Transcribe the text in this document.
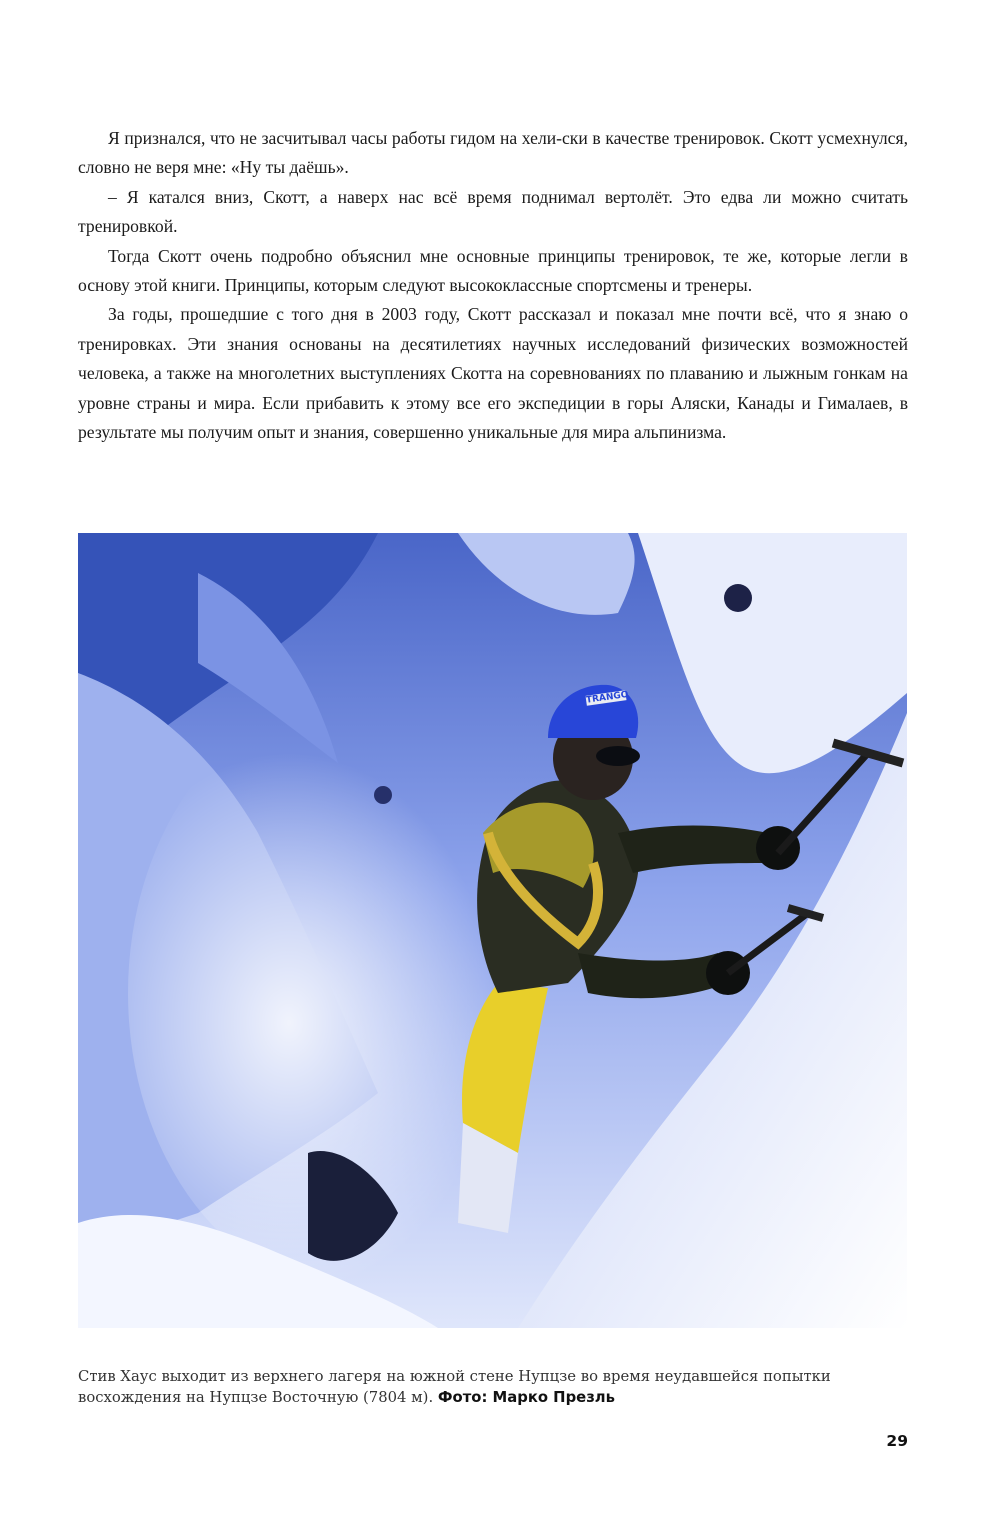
Я признался, что не засчитывал часы работы гидом на хели-ски в качестве тренировок. Скотт усмехнулся, словно не веря мне: «Ну ты даёшь».

– Я катался вниз, Скотт, а наверх нас всё время поднимал вертолёт. Это едва ли можно считать тренировкой.

Тогда Скотт очень подробно объяснил мне основные принципы тренировок, те же, которые легли в основу этой книги. Принципы, которым следуют высококлассные спортсмены и тренеры.

За годы, прошедшие с того дня в 2003 году, Скотт рассказал и показал мне почти всё, что я знаю о тренировках. Эти знания основаны на десятилетиях научных исследований физических возможностей человека, а также на многолетних выступлениях Скотта на соревнованиях по плаванию и лыжным гонкам на уровне страны и мира. Если прибавить к этому все его экспедиции в горы Аляски, Канады и Гималаев, в результате мы получим опыт и знания, совершенно уникальные для мира альпинизма.

TRANGO
Стив Хаус выходит из верхнего лагеря на южной стене Нупцзе во время неудавшейся попытки восхождения на Нупцзе Восточную (7804 м). Фото: Марко Презль
29
